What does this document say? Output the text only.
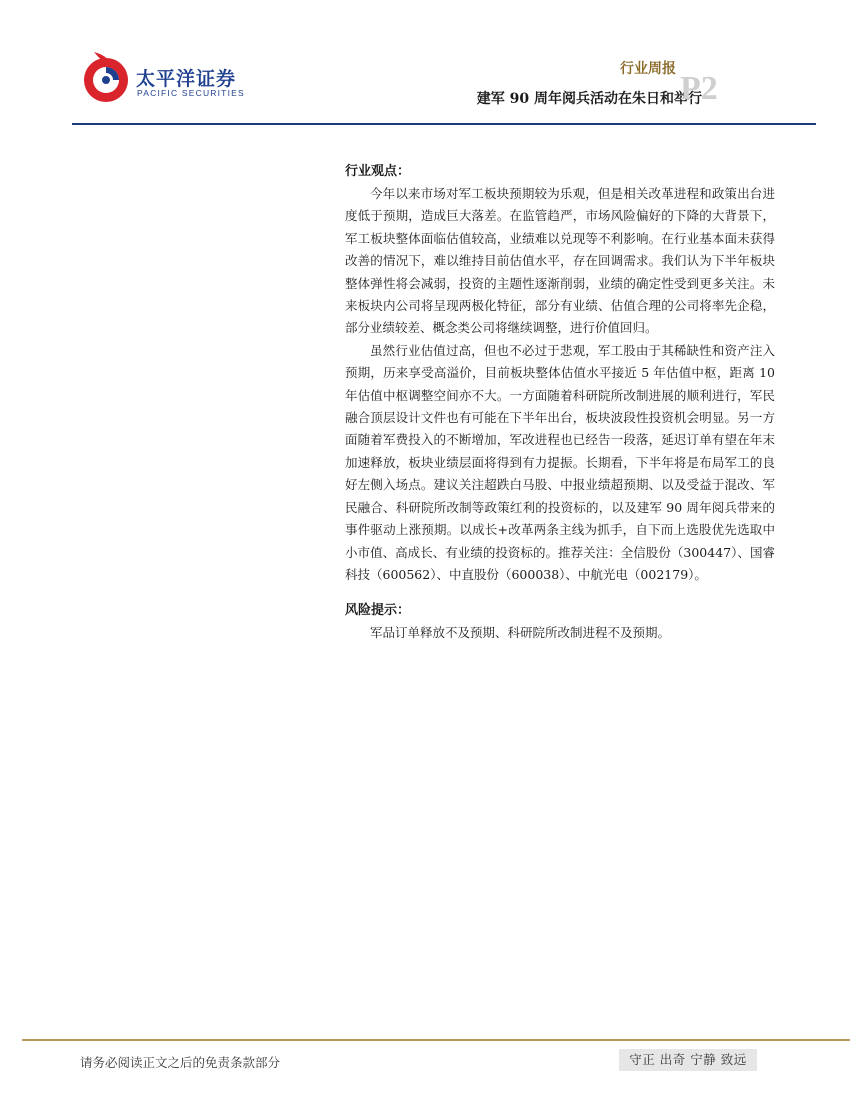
太平洋证券
PACIFIC SECURITIES
行业周报
建军 90 周年阅兵活动在朱日和举行
P2

行业观点：

今年以来市场对军工板块预期较为乐观，但是相关改革进程和政策出台进度低于预期，造成巨大落差。在监管趋严，市场风险偏好的下降的大背景下，军工板块整体面临估值较高，业绩难以兑现等不利影响。在行业基本面未获得改善的情况下，难以维持目前估值水平，存在回调需求。我们认为下半年板块整体弹性将会减弱，投资的主题性逐渐削弱，业绩的确定性受到更多关注。未来板块内公司将呈现两极化特征，部分有业绩、估值合理的公司将率先企稳，部分业绩较差、概念类公司将继续调整，进行价值回归。

虽然行业估值过高，但也不必过于悲观，军工股由于其稀缺性和资产注入预期，历来享受高溢价，目前板块整体估值水平接近 5 年估值中枢，距离 10 年估值中枢调整空间亦不大。一方面随着科研院所改制进展的顺利进行，军民融合顶层设计文件也有可能在下半年出台，板块波段性投资机会明显。另一方面随着军费投入的不断增加，军改进程也已经告一段落，延迟订单有望在年末加速释放，板块业绩层面将得到有力提振。长期看，下半年将是布局军工的良好左侧入场点。建议关注超跌白马股、中报业绩超预期、以及受益于混改、军民融合、科研院所改制等政策红利的投资标的，以及建军 90 周年阅兵带来的事件驱动上涨预期。以成长+改革两条主线为抓手，自下而上选股优先选取中小市值、高成长、有业绩的投资标的。推荐关注：全信股份（300447）、国睿科技（600562）、中直股份（600038）、中航光电（002179）。

风险提示：

军品订单释放不及预期、科研院所改制进程不及预期。

请务必阅读正文之后的免责条款部分	守正 出奇 宁静 致远
